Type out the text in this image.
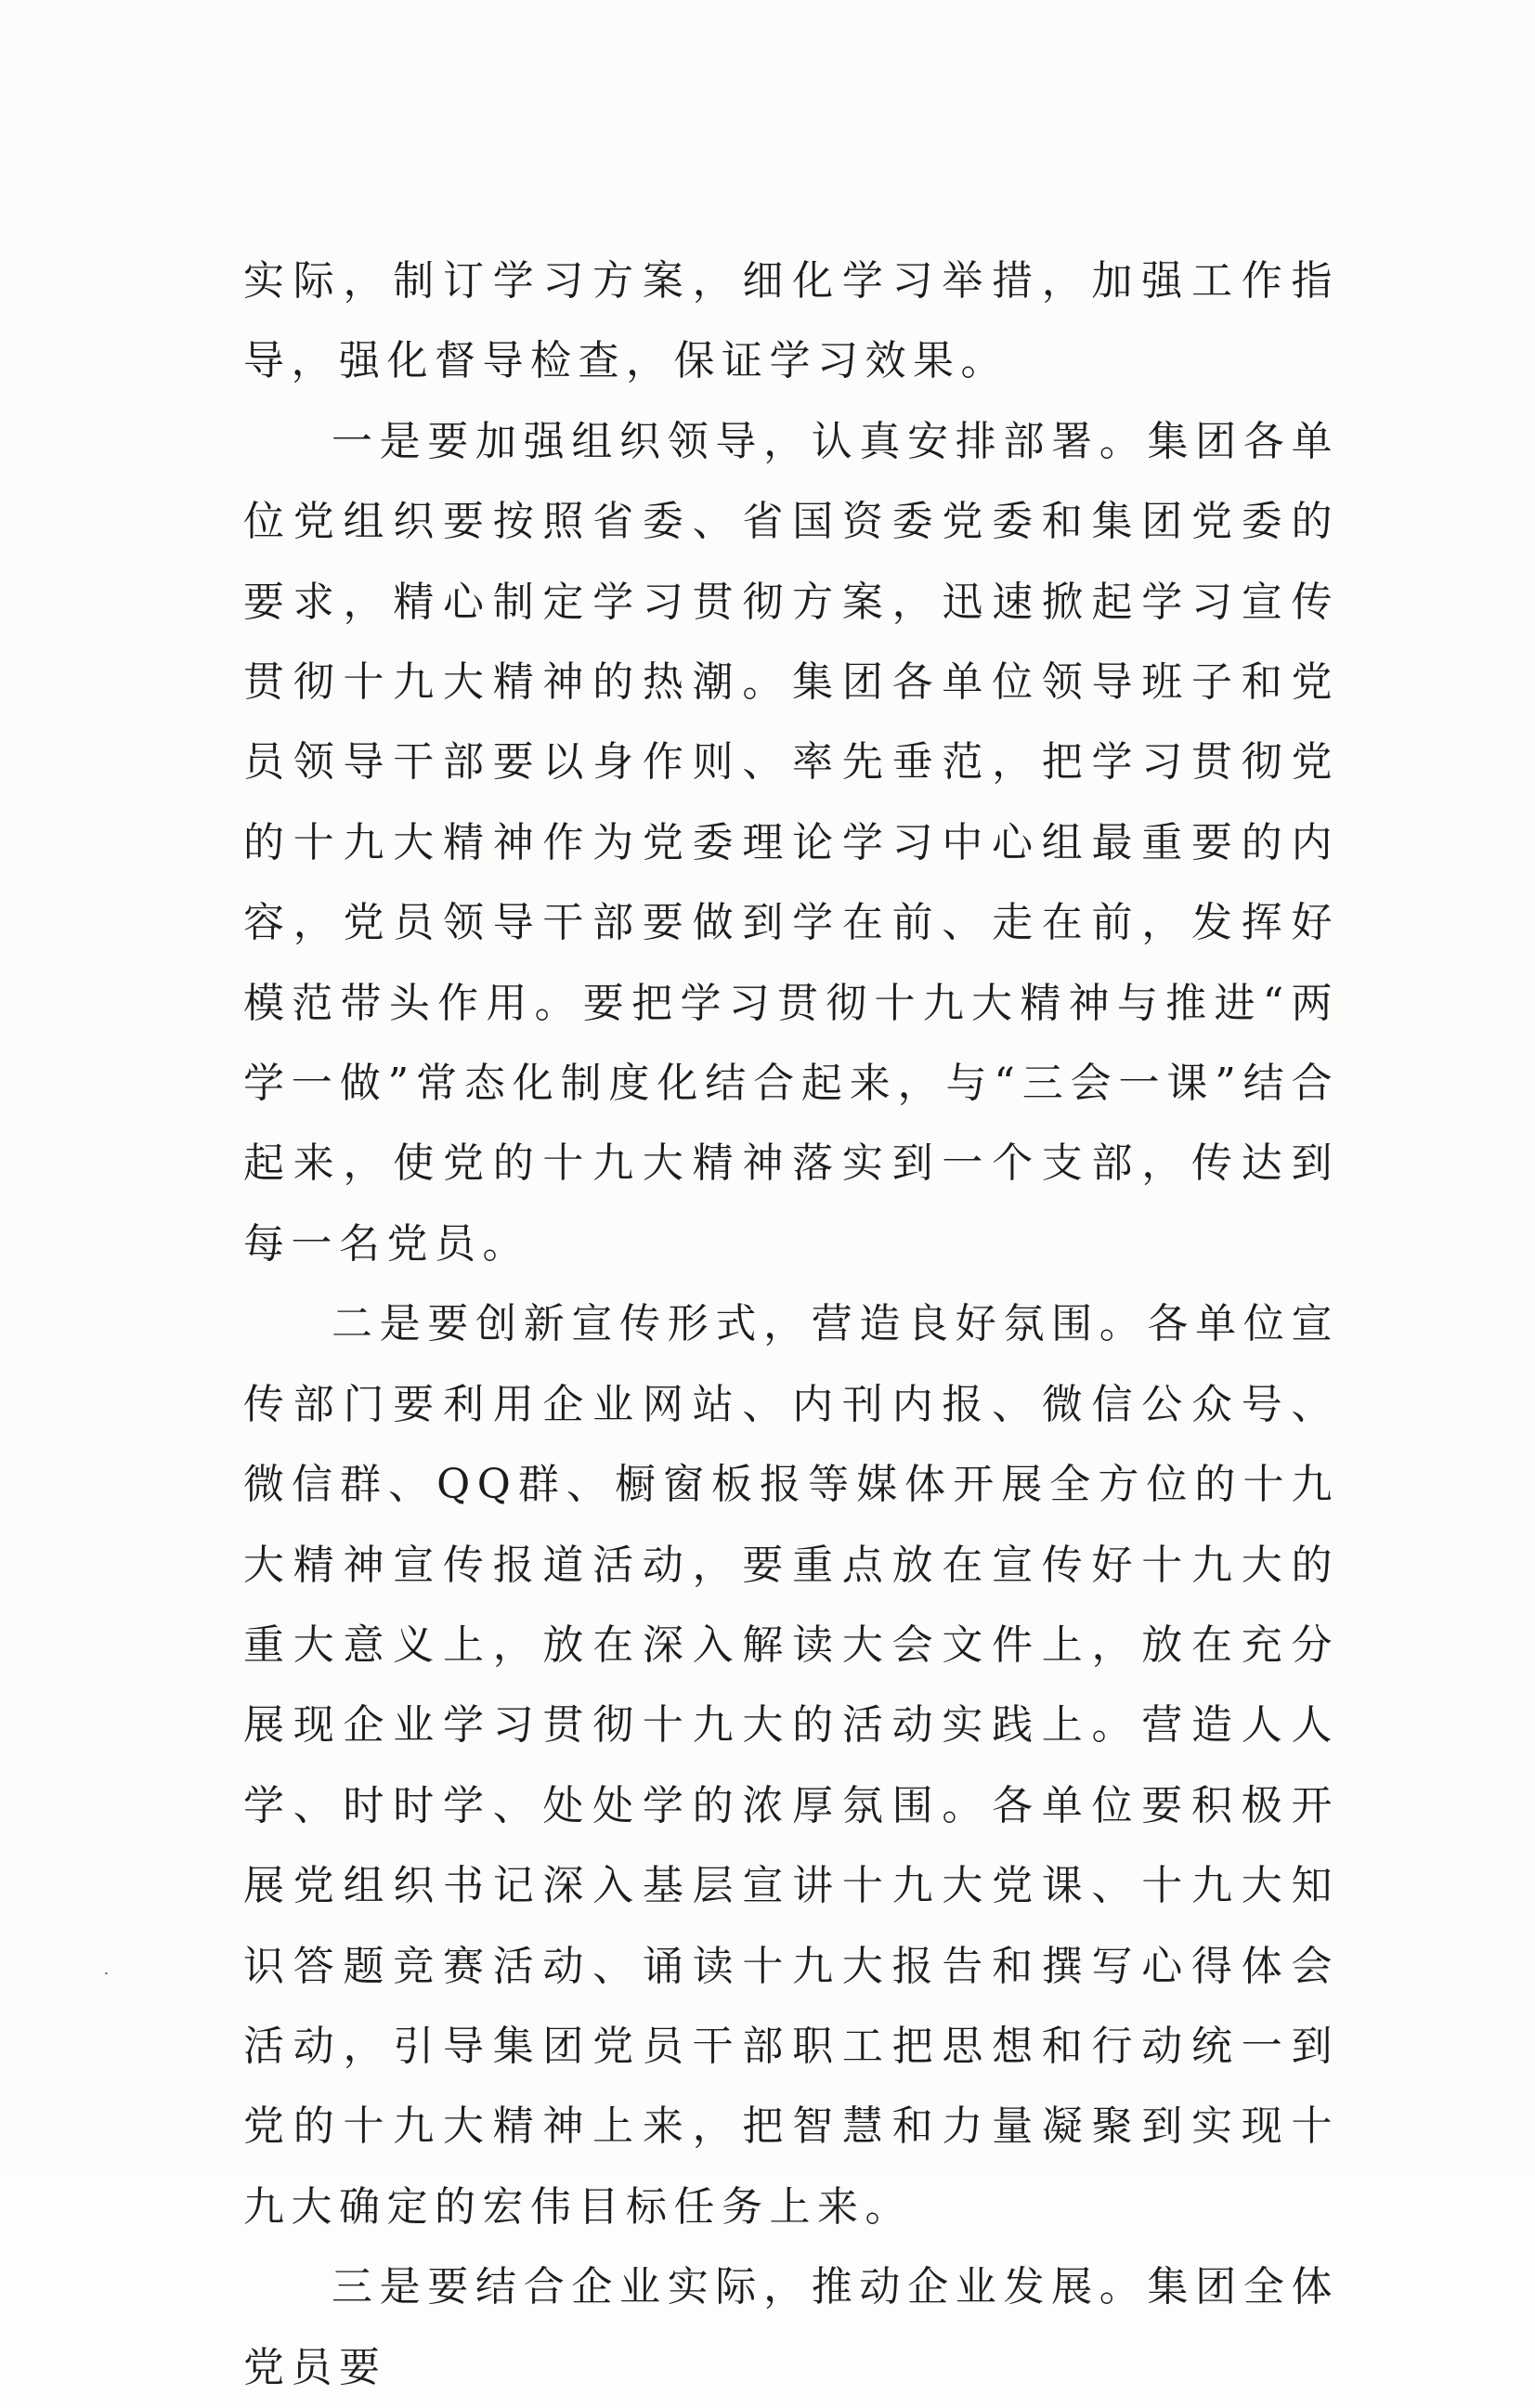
实际，制订学习方案，细化学习举措，加强工作指导，强化督导检查，保证学习效果。

一是要加强组织领导，认真安排部署。集团各单位党组织要按照省委、省国资委党委和集团党委的要求，精心制定学习贯彻方案，迅速掀起学习宣传贯彻十九大精神的热潮。集团各单位领导班子和党员领导干部要以身作则、率先垂范，把学习贯彻党的十九大精神作为党委理论学习中心组最重要的内容，党员领导干部要做到学在前、走在前，发挥好模范带头作用。要把学习贯彻十九大精神与推进“两学一做”常态化制度化结合起来，与“三会一课”结合起来，使党的十九大精神落实到一个支部，传达到每一名党员。

二是要创新宣传形式，营造良好氛围。各单位宣传部门要利用企业网站、内刊内报、微信公众号、微信群、QQ群、橱窗板报等媒体开展全方位的十九大精神宣传报道活动，要重点放在宣传好十九大的重大意义上，放在深入解读大会文件上，放在充分展现企业学习贯彻十九大的活动实践上。营造人人学、时时学、处处学的浓厚氛围。各单位要积极开展党组织书记深入基层宣讲十九大党课、十九大知识答题竞赛活动、诵读十九大报告和撰写心得体会活动，引导集团党员干部职工把思想和行动统一到党的十九大精神上来，把智慧和力量凝聚到实现十九大确定的宏伟目标任务上来。

三是要结合企业实际，推动企业发展。集团全体党员要
